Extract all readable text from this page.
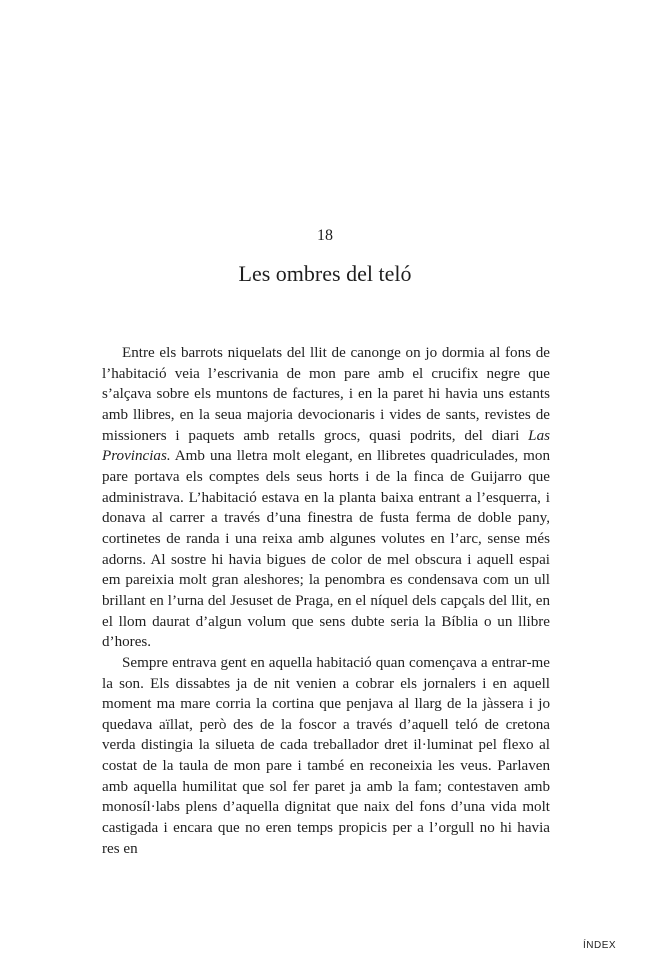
18
Les ombres del teló

Entre els barrots niquelats del llit de canonge on jo dormia al fons de l’habitació veia l’escrivania de mon pare amb el crucifix negre que s’alçava sobre els muntons de factures, i en la paret hi havia uns estants amb llibres, en la seua majoria devocionaris i vides de sants, revistes de missioners i paquets amb retalls grocs, quasi podrits, del diari Las Provincias. Amb una lletra molt elegant, en llibretes quadriculades, mon pare portava els comptes dels seus horts i de la finca de Guijarro que administrava. L’habitació estava en la planta baixa entrant a l’esquerra, i donava al carrer a través d’una finestra de fusta ferma de doble pany, cortinetes de randa i una reixa amb algunes volutes en l’arc, sense més adorns. Al sostre hi havia bigues de color de mel obscura i aquell espai em pareixia molt gran aleshores; la penombra es condensava com un ull brillant en l’urna del Jesuset de Praga, en el níquel dels capçals del llit, en el llom daurat d’algun volum que sens dubte seria la Bíblia o un llibre d’hores.

Sempre entrava gent en aquella habitació quan començava a entrar-me la son. Els dissabtes ja de nit venien a cobrar els jornalers i en aquell moment ma mare corria la cortina que penjava al llarg de la jàssera i jo quedava aïllat, però des de la foscor a través d’aquell teló de cretona verda distingia la silueta de cada treballador dret il·luminat pel flexo al costat de la taula de mon pare i també en reconeixia les veus. Parlaven amb aquella humilitat que sol fer paret ja amb la fam; contestaven amb monosíl·labs plens d’aquella dignitat que naix del fons d’una vida molt castigada i encara que no eren temps propicis per a l’orgull no hi havia res en

ÍNDEX
